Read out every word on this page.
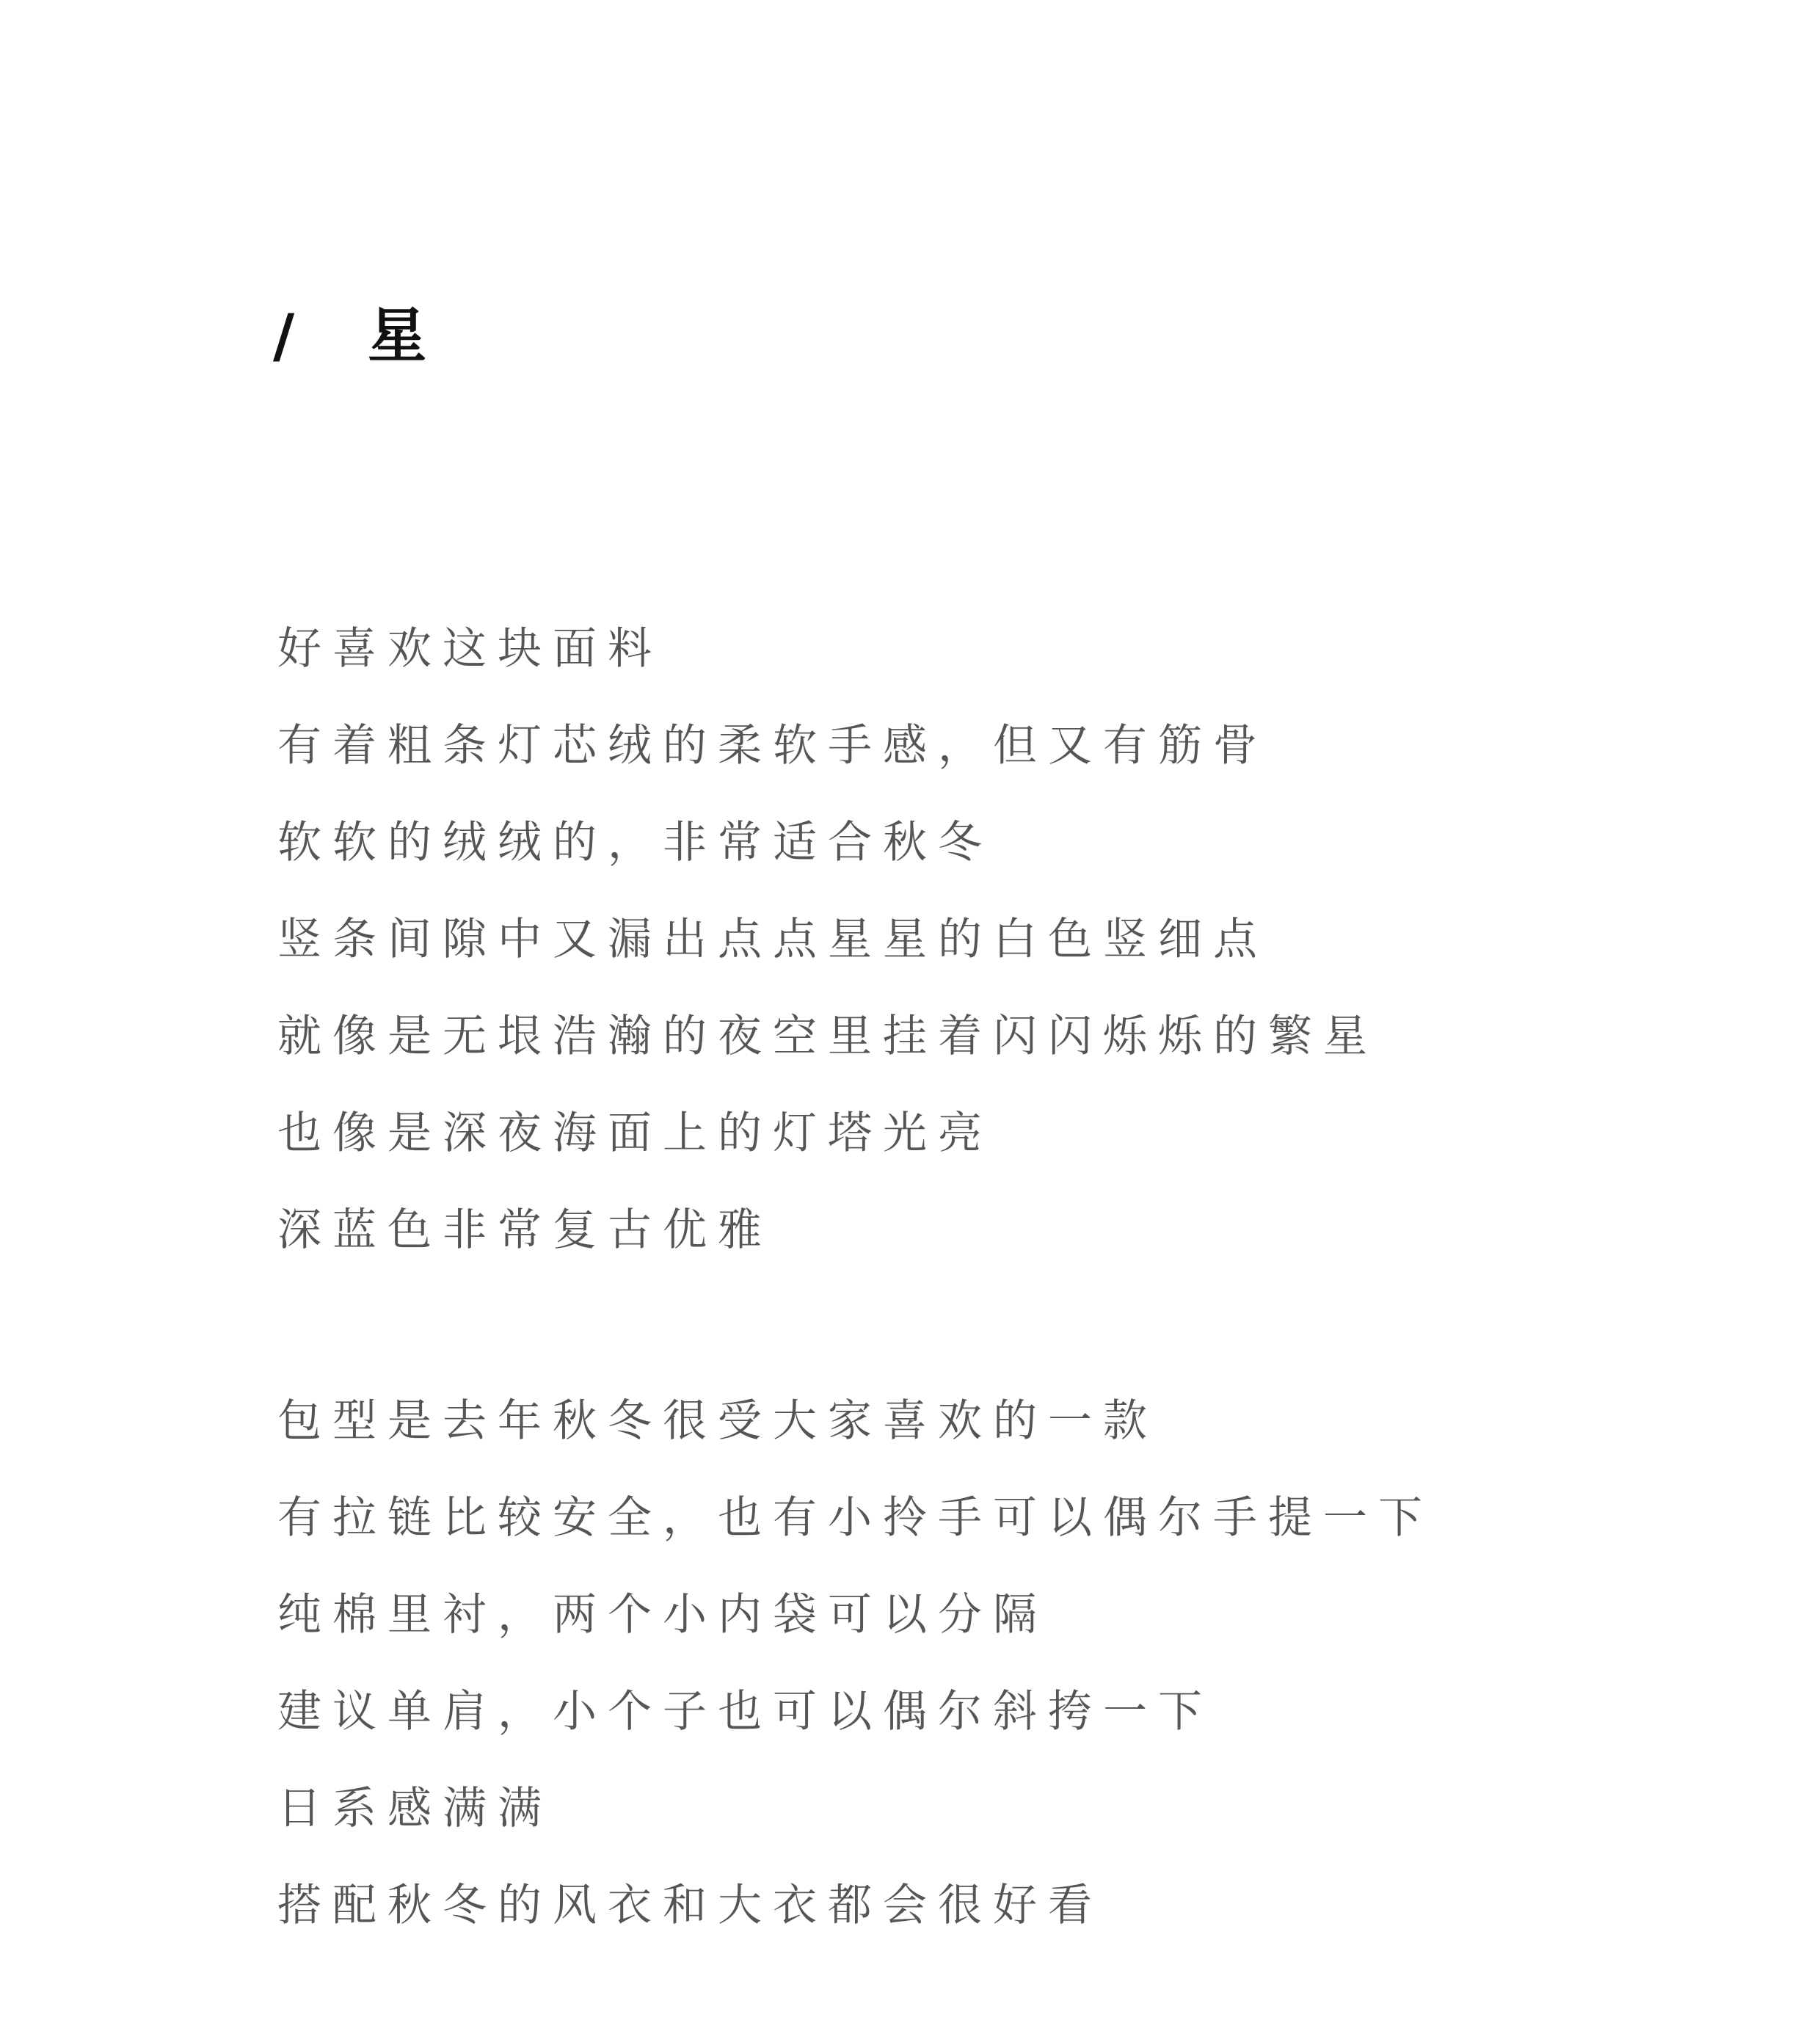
/ 星
好喜欢这块面料
有着粗条灯芯绒的柔软手感，但又有筋骨
软软的绒绒的，非常适合秋冬
竖条间隙中又漏出点点星星的白色竖细点
就像是无垠浩瀚的夜空里挂着闪闪烁烁的繁星
也像是深夜海面上的灯塔光亮
深蓝色非常复古优雅
包型是去年秋冬很受大家喜欢的一款
有拉链比较安全，也有小拎手可以偶尔手提一下
纯棉里衬，两个小内袋可以分隔
建议单肩，小个子也可以偶尔斜挎一下
日系感满满
搭配秋冬的风衣和大衣都会很好看
